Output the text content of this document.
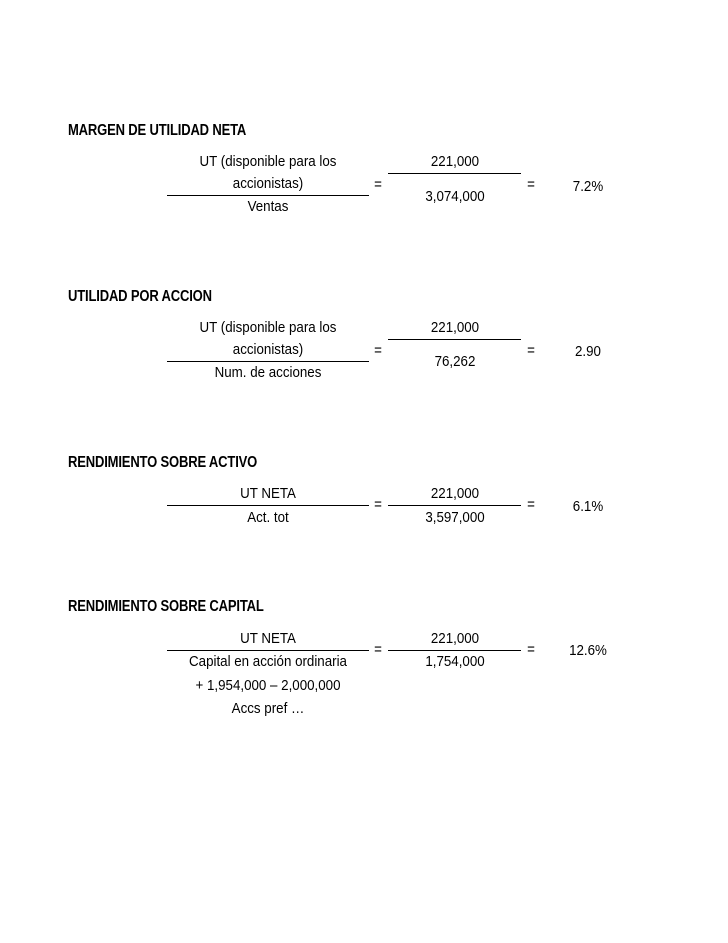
MARGEN DE UTILIDAD NETA
UT (disponible para los
accionistas)
Ventas
=
221,000
3,074,000
=	7.2%
UTILIDAD POR ACCION
UT (disponible para los
accionistas)
Num. de acciones
=
221,000
76,262
=	2.90
RENDIMIENTO SOBRE ACTIVO
UT NETA
Act. tot
=
221,000
3,597,000
=	6.1%
RENDIMIENTO SOBRE CAPITAL
UT NETA
Capital en acción ordinaria
+ 1,954,000 – 2,000,000
Accs pref …
=
221,000
1,754,000
=	12.6%
